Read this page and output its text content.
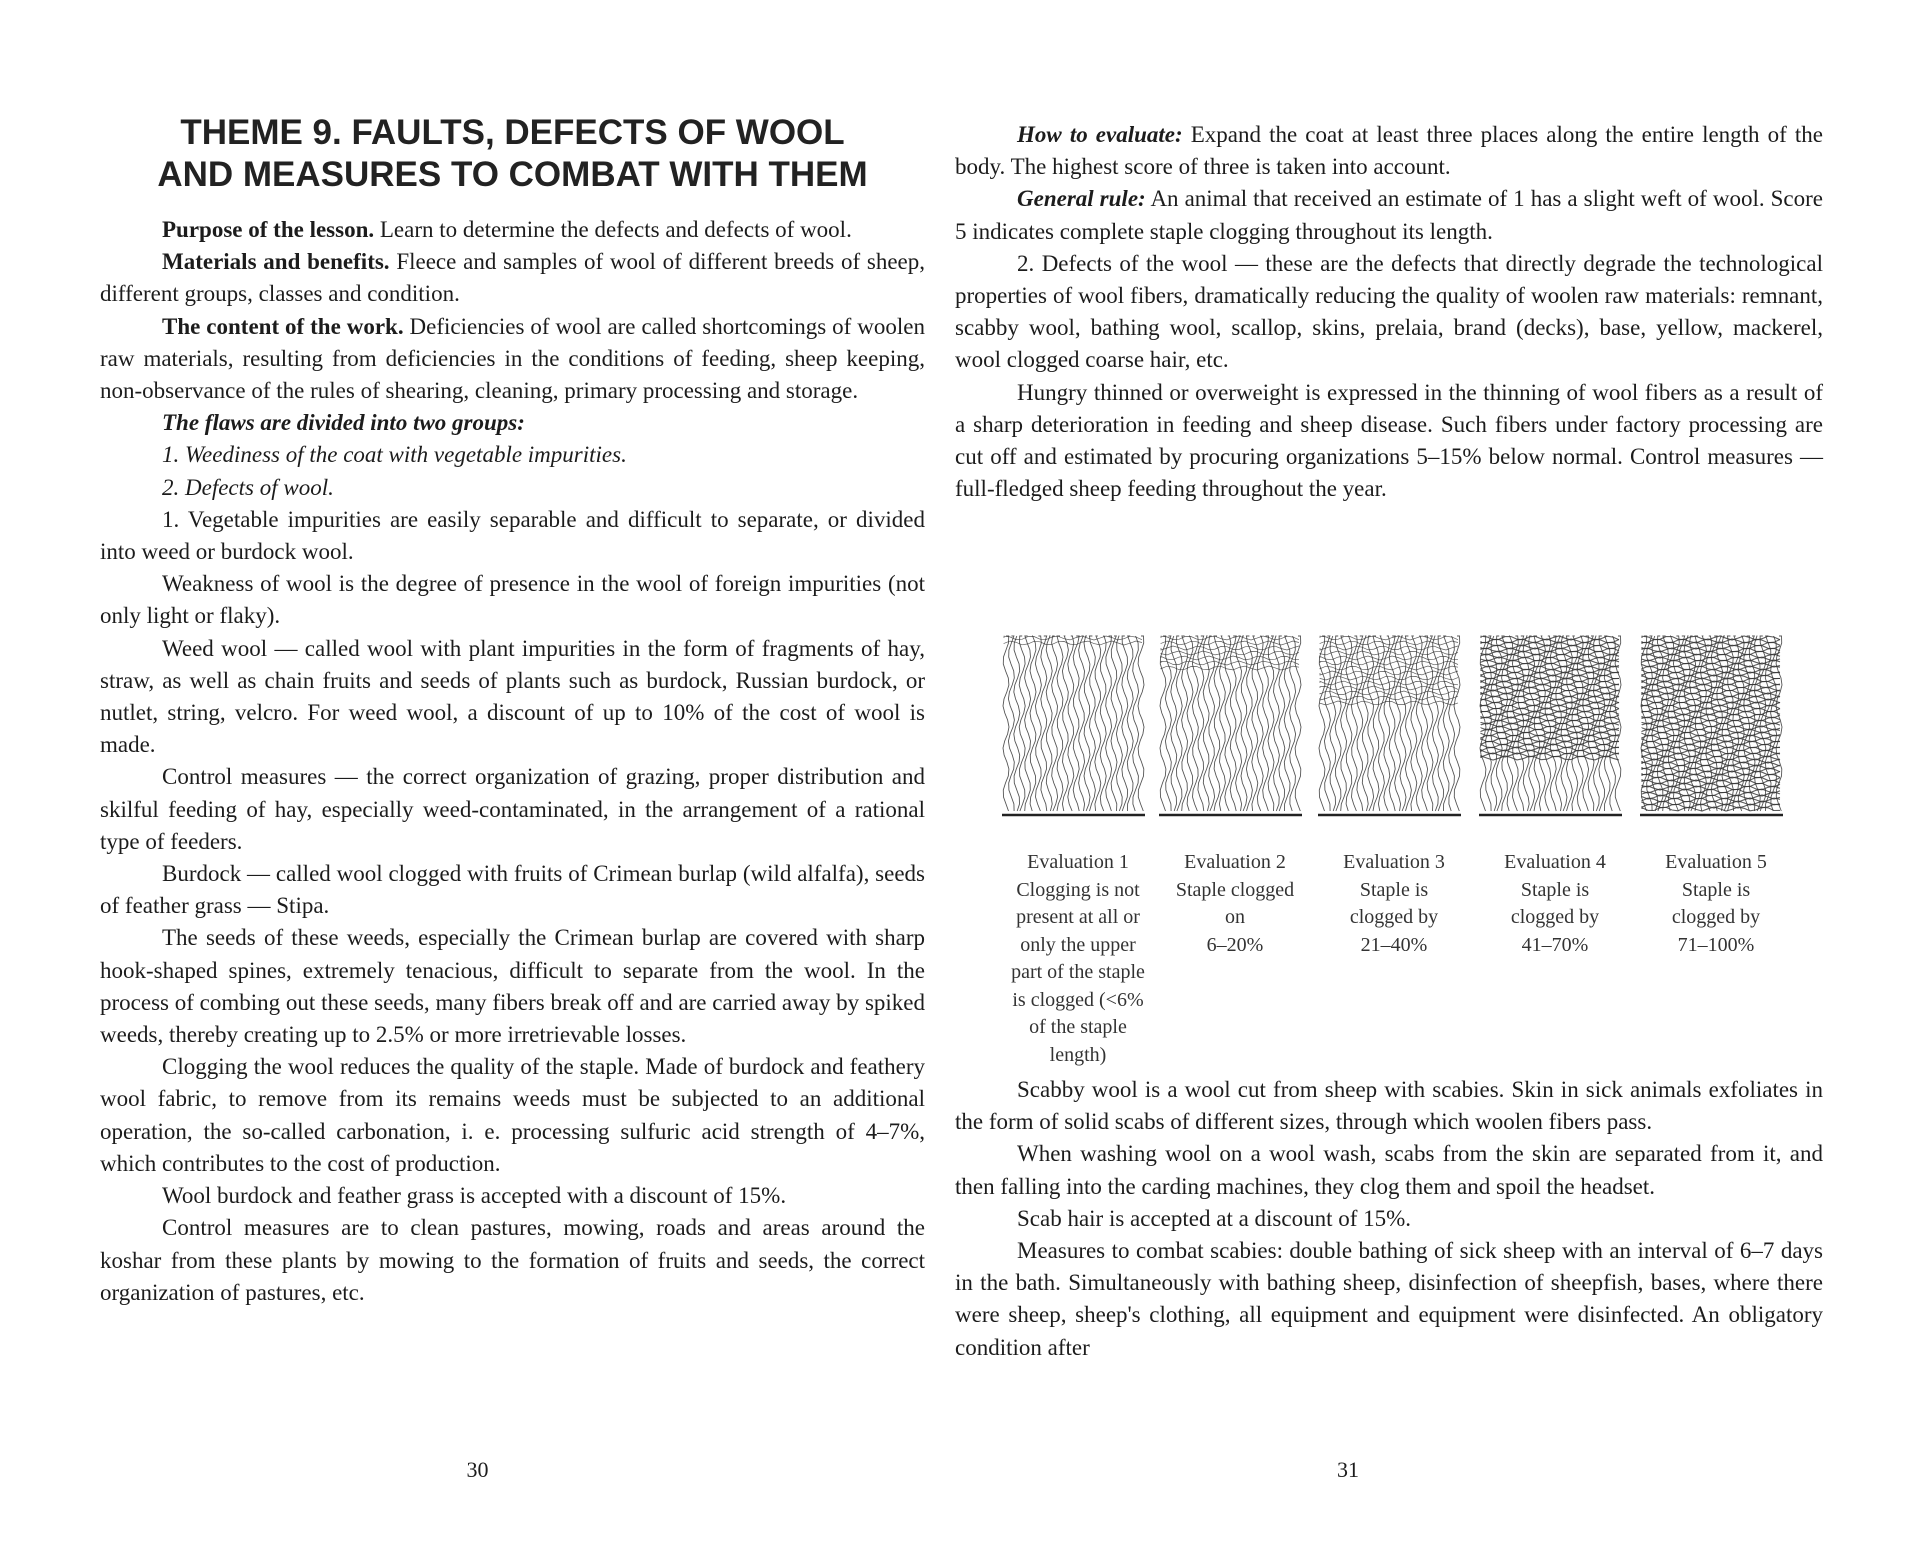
THEME 9. FAULTS, DEFECTS OF WOOL
AND MEASURES TO COMBAT WITH THEM

Purpose of the lesson. Learn to determine the defects and defects of wool.

Materials and benefits. Fleece and samples of wool of different breeds of sheep, different groups, classes and condition.

The content of the work. Deficiencies of wool are called shortcomings of woolen raw materials, resulting from deficiencies in the conditions of feeding, sheep keeping, non-observance of the rules of shearing, cleaning, primary processing and storage.

The flaws are divided into two groups:

1. Weediness of the coat with vegetable impurities.

2. Defects of wool.

1. Vegetable impurities are easily separable and difficult to separate, or divided into weed or burdock wool.

Weakness of wool is the degree of presence in the wool of foreign impurities (not only light or flaky).

Weed wool — called wool with plant impurities in the form of fragments of hay, straw, as well as chain fruits and seeds of plants such as burdock, Russian burdock, or nutlet, string, velcro. For weed wool, a discount of up to 10% of the cost of wool is made.

Control measures — the correct organization of grazing, proper distribution and skilful feeding of hay, especially weed-contaminated, in the arrangement of a rational type of feeders.

Burdock — called wool clogged with fruits of Crimean burlap (wild alfalfa), seeds of feather grass — Stipa.

The seeds of these weeds, especially the Crimean burlap are covered with sharp hook-shaped spines, extremely tenacious, difficult to separate from the wool. In the process of combing out these seeds, many fibers break off and are carried away by spiked weeds, thereby creating up to 2.5% or more irretrievable losses.

Clogging the wool reduces the quality of the staple. Made of burdock and feathery wool fabric, to remove from its remains weeds must be subjected to an additional operation, the so-called carbonation, i. e. processing sulfuric acid strength of 4–7%, which contributes to the cost of production.

Wool burdock and feather grass is accepted with a discount of 15%.

Control measures are to clean pastures, mowing, roads and areas around the koshar from these plants by mowing to the formation of fruits and seeds, the correct organization of pastures, etc.

30

How to evaluate: Expand the coat at least three places along the entire length of the body. The highest score of three is taken into account.

General rule: An animal that received an estimate of 1 has a slight weft of wool. Score 5 indicates complete staple clogging throughout its length.

2. Defects of the wool — these are the defects that directly degrade the technological properties of wool fibers, dramatically reducing the quality of woolen raw materials: remnant, scabby wool, bathing wool, scallop, skins, prelaia, brand (decks), base, yellow, mackerel, wool clogged coarse hair, etc.

Hungry thinned or overweight is expressed in the thinning of wool fibers as a result of a sharp deterioration in feeding and sheep disease. Such fibers under factory processing are cut off and estimated by procuring organizations 5–15% below normal. Control measures — full-fledged sheep feeding throughout the year.

Evaluation 1
Clogging is not
present at all or
only the upper
part of the staple
is clogged (<6%
of the staple
length)
Evaluation 2
Staple clogged
on
6–20%
Evaluation 3
Staple is
clogged by
21–40%
Evaluation 4
Staple is
clogged by
41–70%
Evaluation 5
Staple is
clogged by
71–100%

Scabby wool is a wool cut from sheep with scabies. Skin in sick animals exfoliates in the form of solid scabs of different sizes, through which woolen fibers pass.

When washing wool on a wool wash, scabs from the skin are separated from it, and then falling into the carding machines, they clog them and spoil the headset.

Scab hair is accepted at a discount of 15%.

Measures to combat scabies: double bathing of sick sheep with an interval of 6–7 days in the bath. Simultaneously with bathing sheep, disinfection of sheepfish, bases, where there were sheep, sheep's clothing, all equipment and equipment were disinfected. An obligatory condition after

31
